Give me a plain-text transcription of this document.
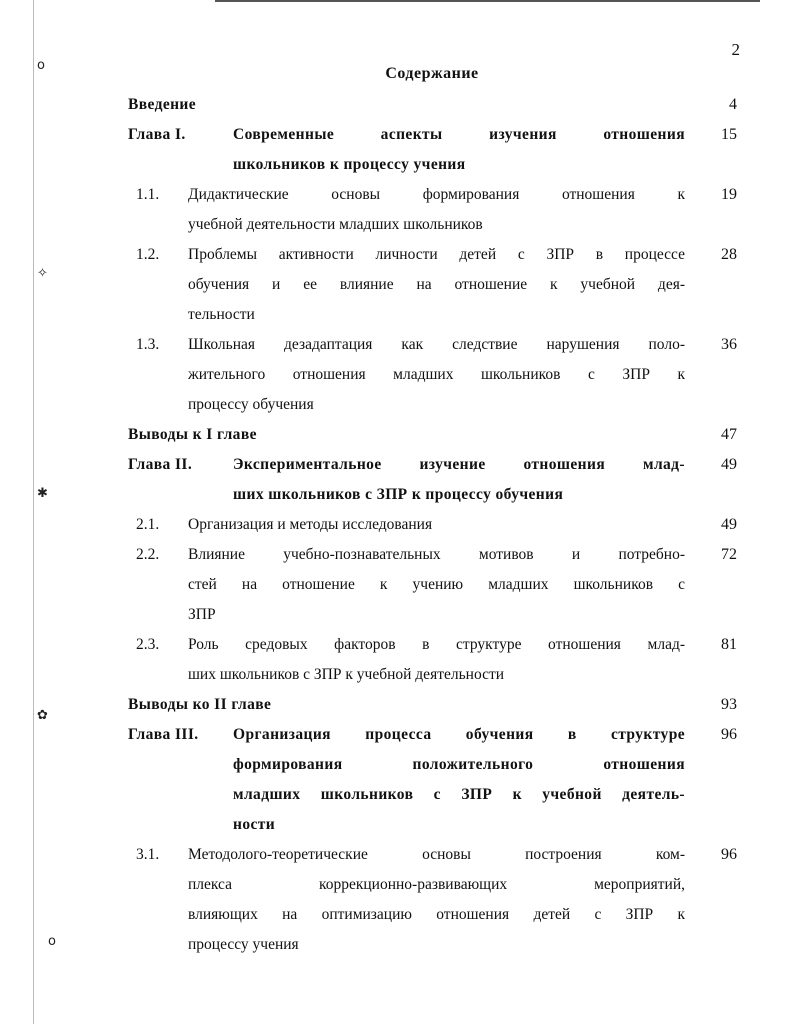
o
✧
✱
✿
o
2
Содержание
4
Введение
15
Глава I.	Современные аспекты изучения отношения
школьников к процессу учения
19
1.1. Дидактические основы формирования отношения к
учебной деятельности младших школьников
28
1.2. Проблемы активности личности детей с ЗПР в процессе
обучения и ее влияние на отношение к учебной дея-
тельности
36
1.3. Школьная дезадаптация как следствие нарушения поло-
жительного отношения младших школьников с ЗПР к
процессу обучения
47
Выводы к I главе
49
Глава II.	Экспериментальное изучение отношения млад-
ших школьников с ЗПР к процессу обучения
49
2.1. Организация и методы исследования
72
2.2. Влияние учебно-познавательных мотивов и потребно-
стей на отношение к учению младших школьников с
ЗПР
81
2.3. Роль средовых факторов в структуре отношения млад-
ших школьников с ЗПР к учебной деятельности
93
Выводы ко II главе
96
Глава III. Организация процесса обучения в структуре
формирования положительного отношения
младших школьников с ЗПР к учебной деятель-
ности
96
3.1. Методолого-теоретические основы построения ком-
плекса коррекционно-развивающих мероприятий,
влияющих на оптимизацию отношения детей с ЗПР к
процессу учения
